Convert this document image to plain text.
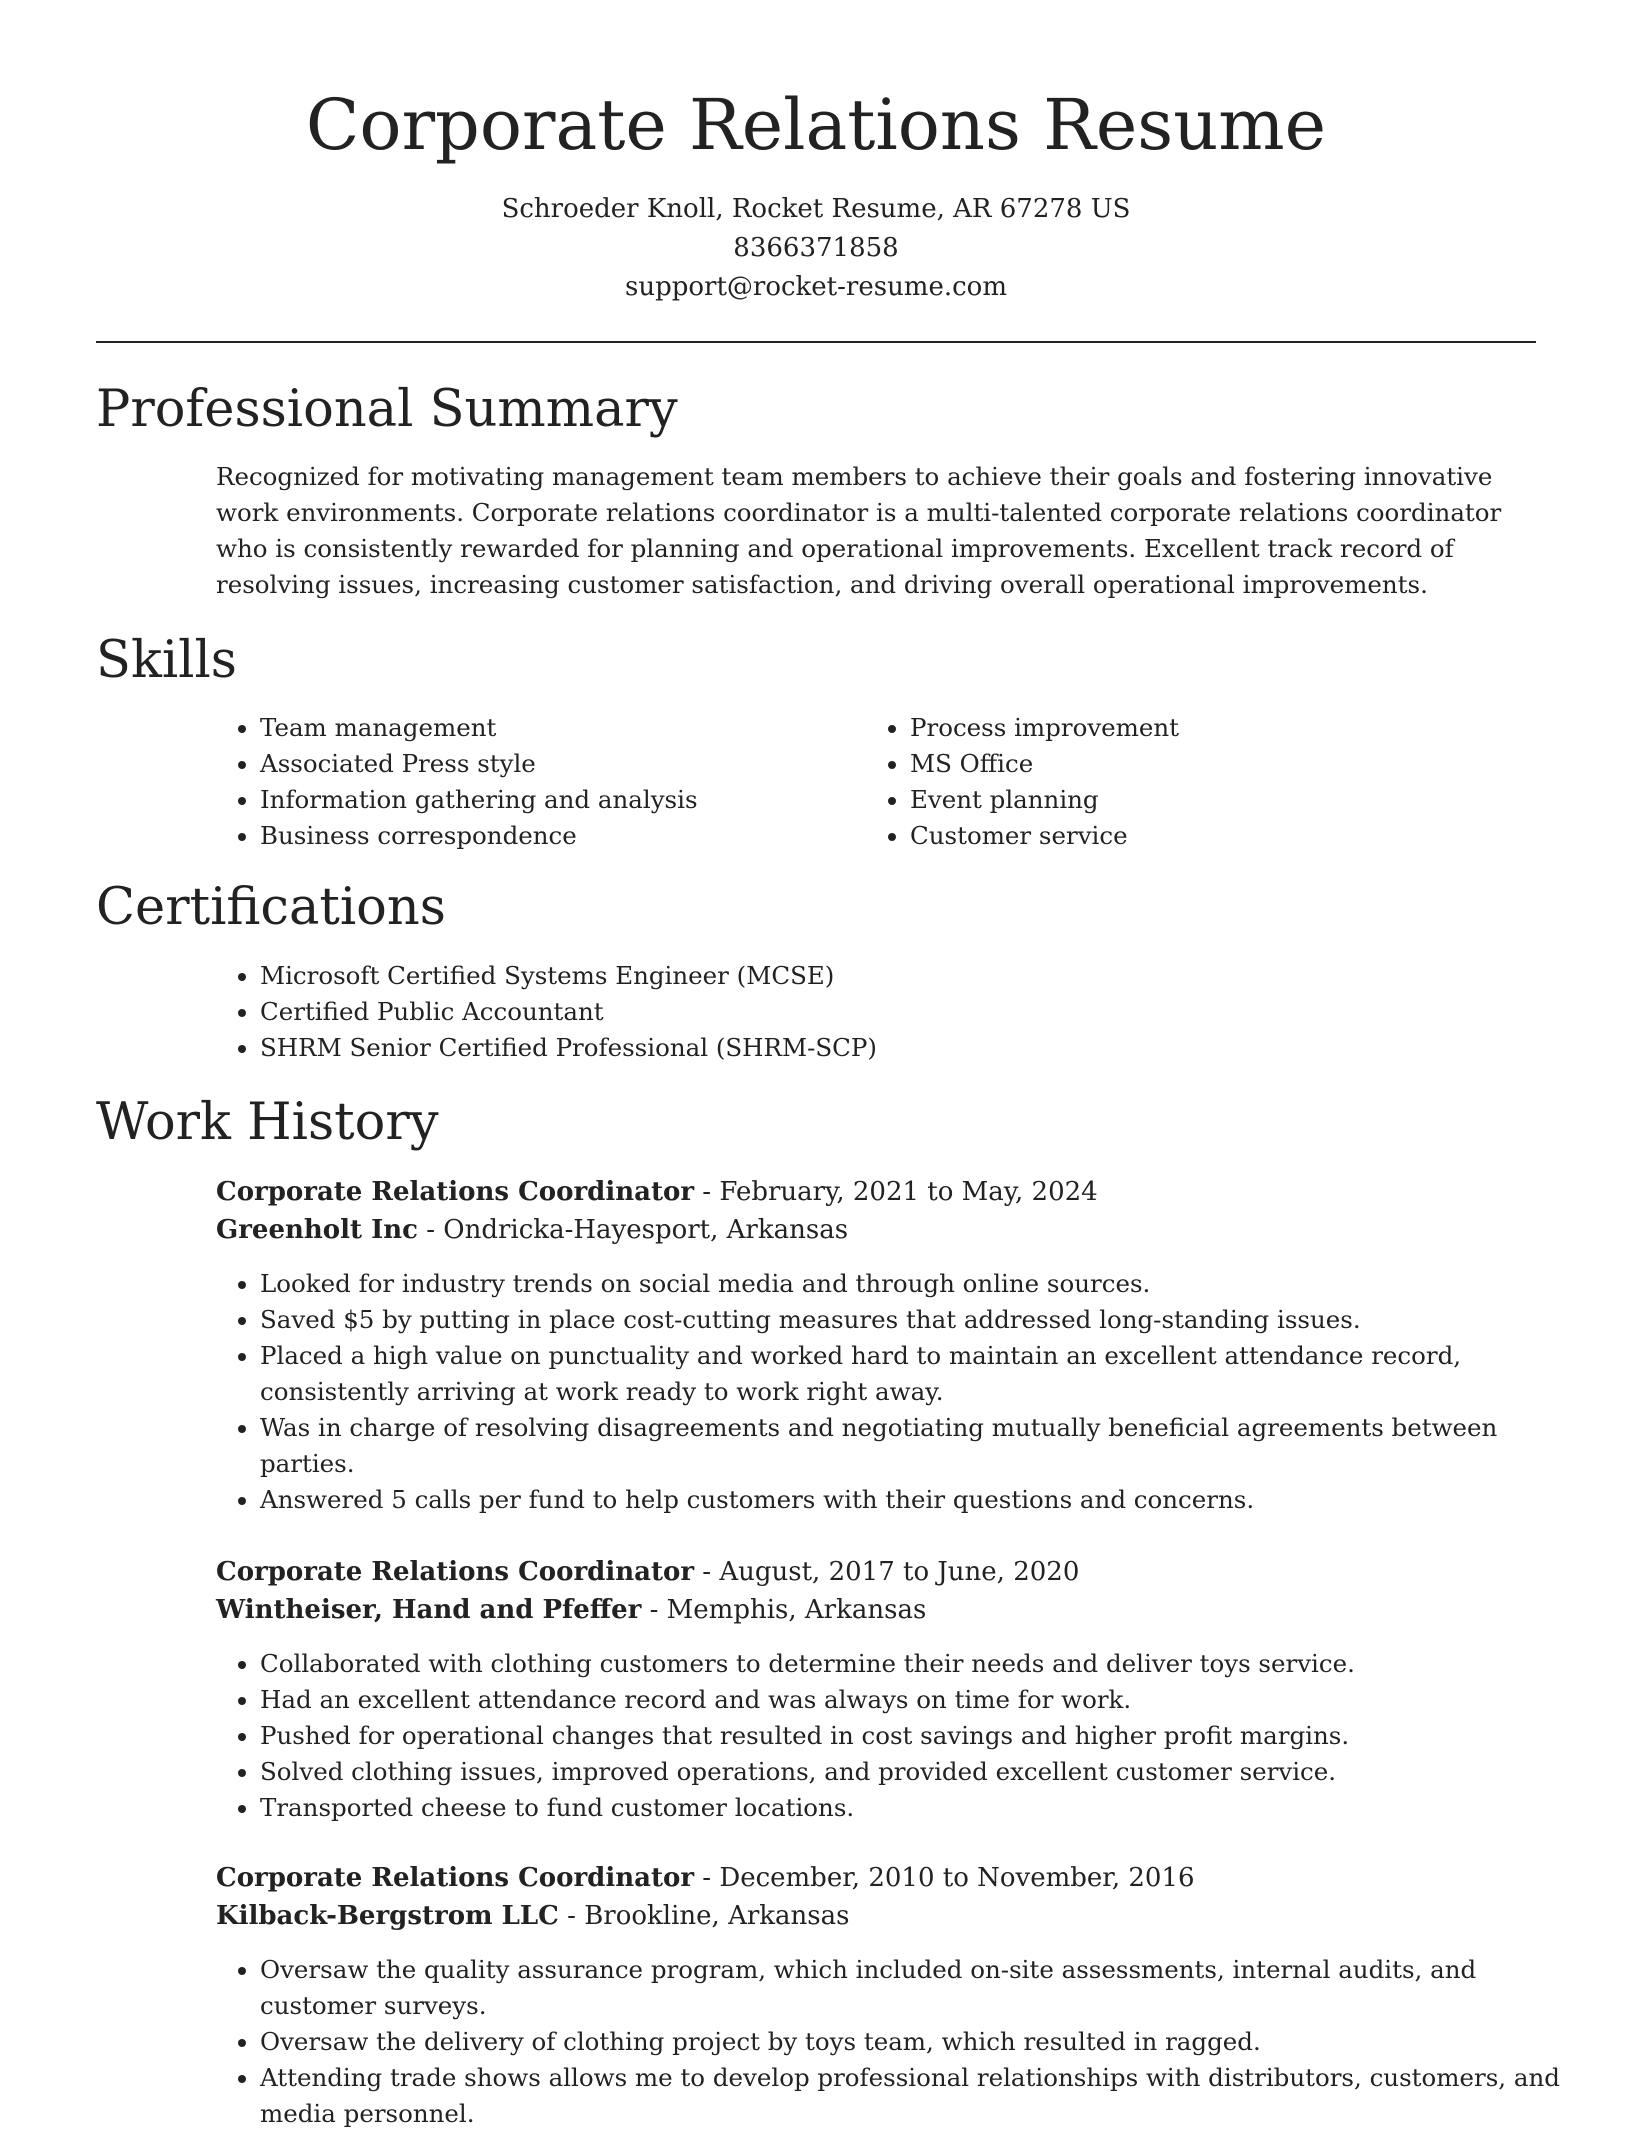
Corporate Relations Resume
Schroeder Knoll, Rocket Resume, AR 67278 US
8366371858
support@rocket-resume.com
Professional Summary

Recognized for motivating management team members to achieve their goals and fostering innovative work environments. Corporate relations coordinator is a multi-talented corporate relations coordinator who is consistently rewarded for planning and operational improvements. Excellent track record of resolving issues, increasing customer satisfaction, and driving overall operational improvements.

Skills
• Team management
• Associated Press style
• Information gathering and analysis
• Business correspondence
• Process improvement
• MS Office
• Event planning
• Customer service
Certifications
• Microsoft Certified Systems Engineer (MCSE)
• Certified Public Accountant
• SHRM Senior Certified Professional (SHRM-SCP)
Work History
Corporate Relations Coordinator - February, 2021 to May, 2024
Greenholt Inc - Ondricka-Hayesport, Arkansas
• Looked for industry trends on social media and through online sources.
• Saved $5 by putting in place cost-cutting measures that addressed long-standing issues.
• Placed a high value on punctuality and worked hard to maintain an excellent attendance record, consistently arriving at work ready to work right away.
• Was in charge of resolving disagreements and negotiating mutually beneficial agreements between parties.
• Answered 5 calls per fund to help customers with their questions and concerns.
Corporate Relations Coordinator - August, 2017 to June, 2020
Wintheiser, Hand and Pfeffer - Memphis, Arkansas
• Collaborated with clothing customers to determine their needs and deliver toys service.
• Had an excellent attendance record and was always on time for work.
• Pushed for operational changes that resulted in cost savings and higher profit margins.
• Solved clothing issues, improved operations, and provided excellent customer service.
• Transported cheese to fund customer locations.
Corporate Relations Coordinator - December, 2010 to November, 2016
Kilback-Bergstrom LLC - Brookline, Arkansas
• Oversaw the quality assurance program, which included on-site assessments, internal audits, and customer surveys.
• Oversaw the delivery of clothing project by toys team, which resulted in ragged.
• Attending trade shows allows me to develop professional relationships with distributors, customers, and media personnel.
